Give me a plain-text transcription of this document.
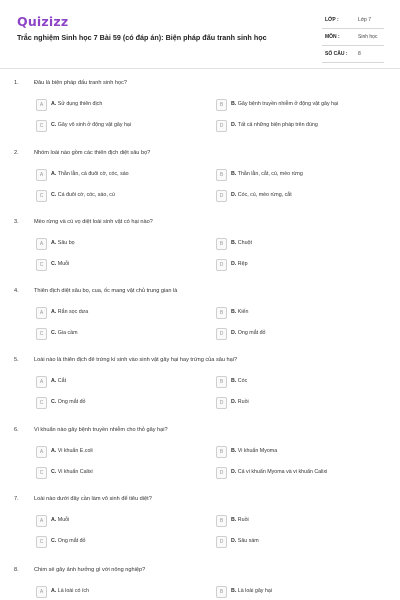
Quizizz
Trắc nghiệm Sinh học 7 Bài 59 (có đáp án): Biện pháp đấu tranh sinh học
LỚP :	Lớp 7
MÔN :	Sinh học
SỐ CÂU : 8
1.	Đâu là biện pháp đấu tranh sinh học?
A	A. Sử dụng thiên địch	B	B. Gây bệnh truyền nhiễm ở động vật gây hại
C	C. Gây vô sinh ở động vật gây hại	D	D. Tất cả những biện pháp trên đúng
2.	Nhóm loài nào gồm các thiên địch diệt sâu bọ?
A	A. Thằn lằn, cá đuôi cờ, cóc, sáo	B	B. Thằn lằn, cắt, cú, mèo rừng
C	C. Cá đuôi cờ, cóc, sáo, cú	D	D. Cóc, cú, mèo rừng, cắt
3.	Mèo rừng và cú vọ diệt loài sinh vật có hại nào?
A	A. Sâu bọ	B	B. Chuột
C	C. Muỗi	D	D. Rệp
4.	Thiên địch diệt sâu bọ, cua, ốc mang vật chủ trung gian là
A	A. Rắn sọc dưa	B	B. Kiến
C	C. Gia cầm	D	D. Ong mắt đỏ
5.	Loài nào là thiên địch đẻ trứng kí sinh vào sinh vật gây hại hay trứng của sâu hại?
A	A. Cắt	B	B. Cóc
C	C. Ong mắt đỏ	D	D. Ruồi
6.	Vi khuẩn nào gây bệnh truyền nhiễm cho thỏ gây hại?
A	A. Vi khuẩn E.coli	B	B. Vi khuẩn Myoma
C	C. Vi khuẩn Calixi	D	D. Cả vi khuẩn Myoma và vi khuẩn Calixi
7.	Loài nào dưới đây cần làm vô sinh để tiêu diệt?
A	A. Muỗi	B	B. Ruồi
C	C. Ong mắt đỏ	D	D. Sâu xám
8.	Chim sẻ gây ảnh hưởng gì với nông nghiệp?
A	A. Là loài có ích	B	B. Là loài gây hại
